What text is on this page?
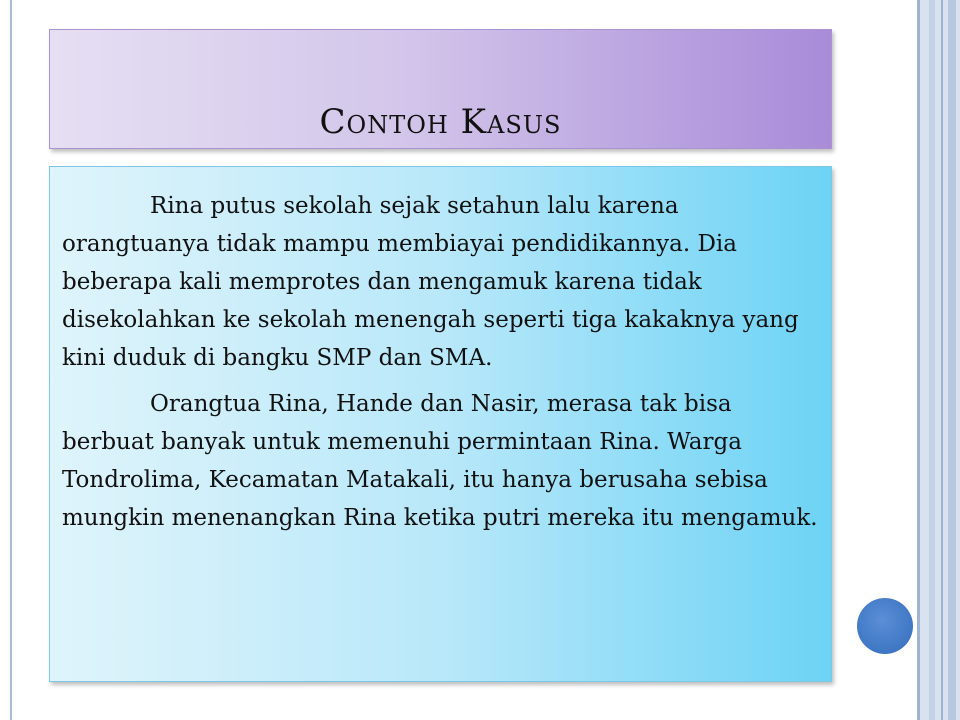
Contoh Kasus

Rina putus sekolah sejak setahun lalu karena orangtuanya tidak mampu membiayai pendidikannya. Dia beberapa kali memprotes dan mengamuk karena tidak disekolahkan ke sekolah menengah seperti tiga kakaknya yang kini duduk di bangku SMP dan SMA.

Orangtua Rina, Hande dan Nasir, merasa tak bisa berbuat banyak untuk memenuhi permintaan Rina. Warga Tondrolima, Kecamatan Matakali, itu hanya berusaha sebisa mungkin menenangkan Rina ketika putri mereka itu mengamuk.
